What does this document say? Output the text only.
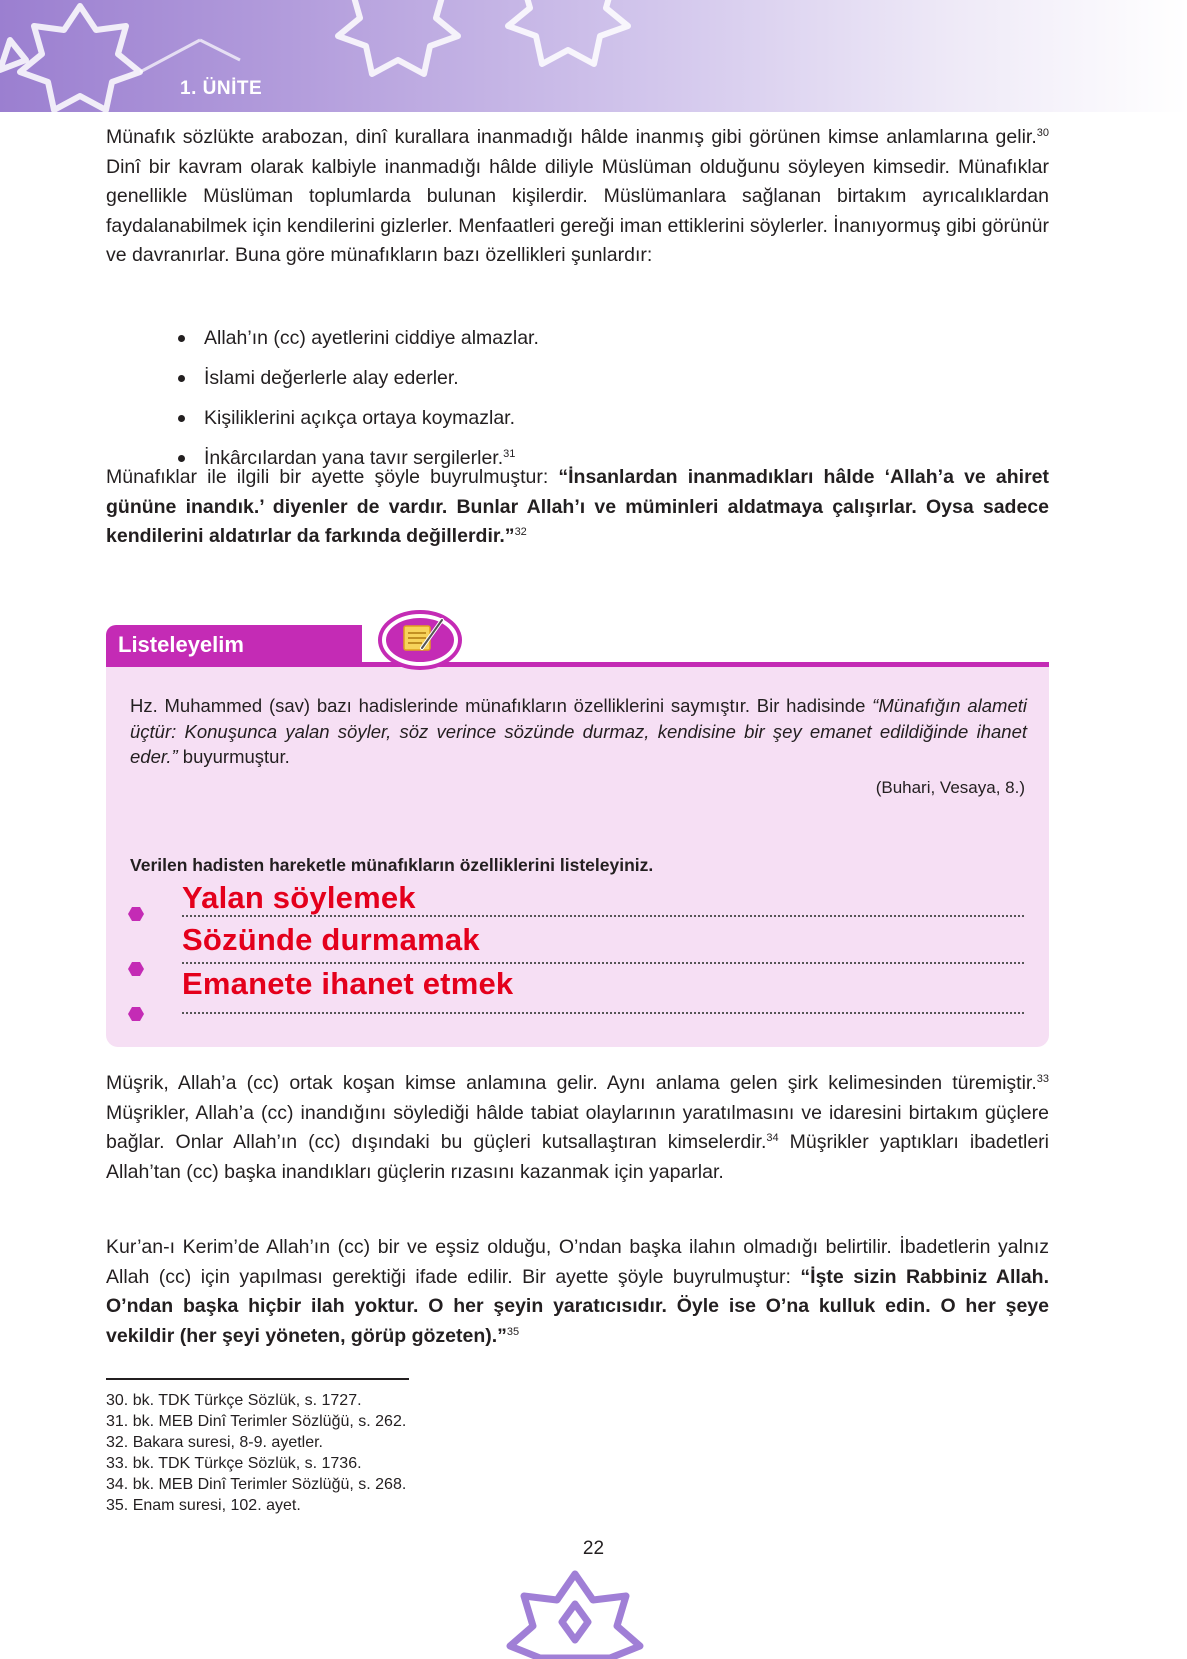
1. ÜNİTE
Münafık sözlükte arabozan, dinî kurallara inanmadığı hâlde inanmış gibi görünen kimse anlamlarına gelir.$^{30}$ Dinî bir kavram olarak kalbiyle inanmadığı hâlde diliyle Müslüman olduğunu söyleyen kimsedir. Münafıklar genellikle Müslüman toplumlarda bulunan kişilerdir. Müslümanlara sağlanan birtakım ayrıcalıklardan faydalanabilmek için kendilerini gizlerler. Menfaatleri gereği iman ettiklerini söylerler. İnanıyormuş gibi görünür ve davranırlar. Buna göre münafıkların bazı özellikleri şunlardır:
Allah’ın (cc) ayetlerini ciddiye almazlar.
İslami değerlerle alay ederler.
Kişiliklerini açıkça ortaya koymazlar.
İnkârcılardan yana tavır sergilerler.$^{31}$
Münafıklar ile ilgili bir ayette şöyle buyrulmuştur: “İnsanlardan inanmadıkları hâlde ‘Allah’a ve ahiret gününe inandık.’ diyenler de vardır. Bunlar Allah’ı ve müminleri aldatmaya çalışırlar. Oysa sadece kendilerini aldatırlar da farkında değillerdir.”$^{32}$
Listeleyelim
Hz. Muhammed (sav) bazı hadislerinde münafıkların özelliklerini saymıştır. Bir hadisinde “Münafığın alameti üçtür: Konuşunca yalan söyler, söz verince sözünde durmaz, kendisine bir şey emanet edildiğinde ihanet eder.” buyurmuştur.
(Buhari, Vesaya, 8.)
Verilen hadisten hareketle münafıkların özelliklerini listeleyiniz.
Yalan söylemek
Sözünde durmamak
Emanete ihanet etmek
Müşrik, Allah’a (cc) ortak koşan kimse anlamına gelir. Aynı anlama gelen şirk kelimesinden türemiştir.$^{33}$ Müşrikler, Allah’a (cc) inandığını söylediği hâlde tabiat olaylarının yaratılmasını ve idaresini birtakım güçlere bağlar. Onlar Allah’ın (cc) dışındaki bu güçleri kutsallaştıran kimselerdir.$^{34}$ Müşrikler yaptıkları ibadetleri Allah’tan (cc) başka inandıkları güçlerin rızasını kazanmak için yaparlar.
Kur’an-ı Kerim’de Allah’ın (cc) bir ve eşsiz olduğu, O’ndan başka ilahın olmadığı belirtilir. İbadetlerin yalnız Allah (cc) için yapılması gerektiği ifade edilir. Bir ayette şöyle buyrulmuştur: “İşte sizin Rabbiniz Allah. O’ndan başka hiçbir ilah yoktur. O her şeyin yaratıcısıdır. Öyle ise O’na kulluk edin. O her şeye vekildir (her şeyi yöneten, görüp gözeten).”$^{35}$
30. bk. TDK Türkçe Sözlük, s. 1727.
31. bk. MEB Dinî Terimler Sözlüğü, s. 262.
32. Bakara suresi, 8-9. ayetler.
33. bk. TDK Türkçe Sözlük, s. 1736.
34. bk. MEB Dinî Terimler Sözlüğü, s. 268.
35. Enam suresi, 102. ayet.
22
